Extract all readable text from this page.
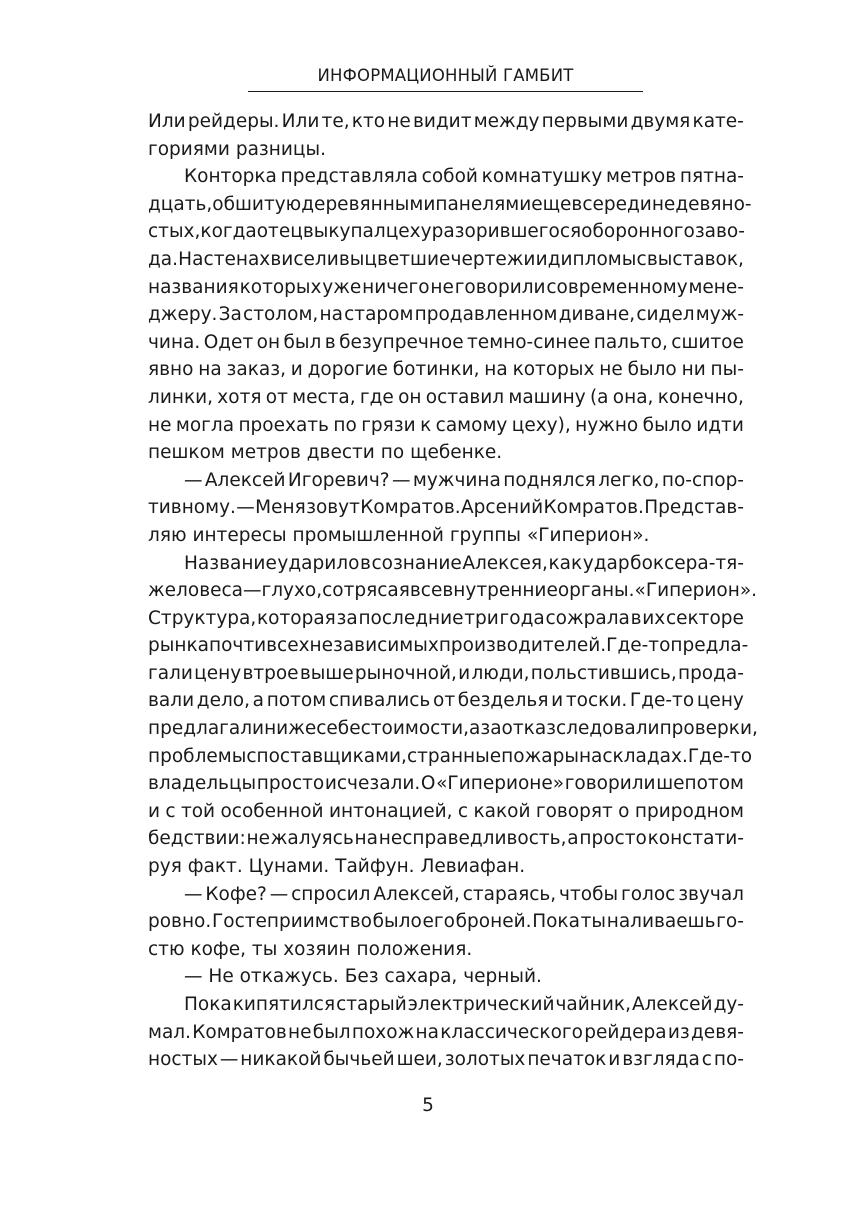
ИНФОРМАЦИОННЫЙ ГАМБИТ
Или рейдеры. Или те, кто не видит между первыми двумя кате-
гориями разницы.
Конторка представляла собой комнатушку метров пятна-
дцать, обшитую деревянными панелями еще в середине девяно-
стых, когда отец выкупал цех у разорившегося оборонного заво-
да. На стенах висели выцветшие чертежи и дипломы с выставок,
названия которых уже ничего не говорили современному мене-
джеру. За столом, на старом продавленном диване, сидел муж-
чина. Одет он был в безупречное темно-синее пальто, сшитое
явно на заказ, и дорогие ботинки, на которых не было ни пы-
линки, хотя от места, где он оставил машину (а она, конечно,
не могла проехать по грязи к самому цеху), нужно было идти
пешком метров двести по щебенке.
— Алексей Игоревич? — мужчина поднялся легко, по-спор-
тивному. — Меня зовут Комратов. Арсений Комратов. Представ-
ляю интересы промышленной группы «Гиперион».
Название ударило в сознание Алексея, как удар боксера-тя-
желовеса — глухо, сотрясая все внутренние органы. «Гиперион».
Структура, которая за последние три года сожрала в их секторе
рынка почти всех независимых производителей. Где-то предла-
гали цену втрое выше рыночной, и люди, польстившись, прода-
вали дело, а потом спивались от безделья и тоски. Где-то цену
предлагали ниже себестоимости, а за отказ следовали проверки,
проблемы с поставщиками, странные пожары на складах. Где-то
владельцы просто исчезали. О «Гиперионе» говорили шепотом
и с той особенной интонацией, с какой говорят о природном
бедствии: не жалуясь на несправедливость, а просто констати-
руя факт. Цунами. Тайфун. Левиафан.
— Кофе? — спросил Алексей, стараясь, чтобы голос звучал
ровно. Гостеприимство было его броней. Пока ты наливаешь го-
стю кофе, ты хозяин положения.
— Не откажусь. Без сахара, черный.
Пока кипятился старый электрический чайник, Алексей ду-
мал. Комратов не был похож на классического рейдера из девя-
ностых — никакой бычьей шеи, золотых печаток и взгляда с по-
5
